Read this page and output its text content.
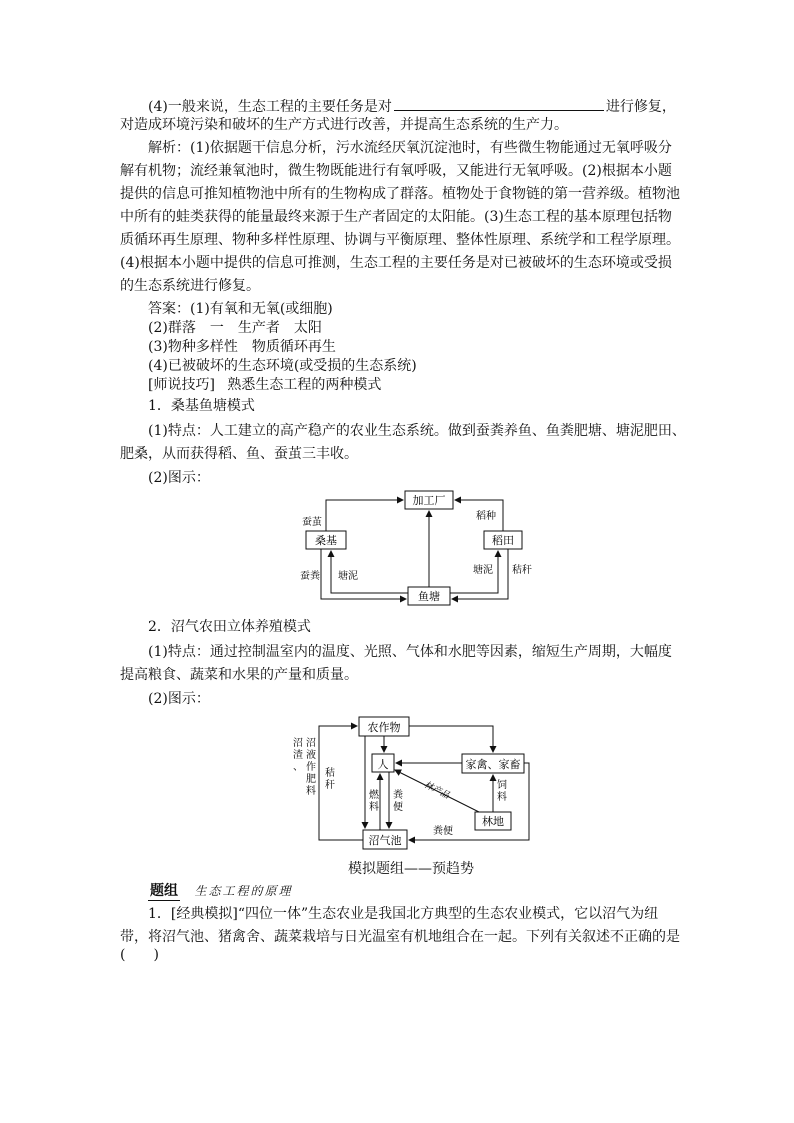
(4)一般来说，生态工程的主要任务是对	进行修复，
对造成环境污染和破坏的生产方式进行改善，并提高生态系统的生产力。
解析：(1)依据题干信息分析，污水流经厌氧沉淀池时，有些微生物能通过无氧呼吸分
解有机物；流经兼氧池时，微生物既能进行有氧呼吸，又能进行无氧呼吸。(2)根据本小题
提供的信息可推知植物池中所有的生物构成了群落。植物处于食物链的第一营养级。植物池
中所有的蛙类获得的能量最终来源于生产者固定的太阳能。(3)生态工程的基本原理包括物
质循环再生原理、物种多样性原理、协调与平衡原理、整体性原理、系统学和工程学原理。
(4)根据本小题中提供的信息可推测，生态工程的主要任务是对已被破坏的生态环境或受损
的生态系统进行修复。
答案：(1)有氧和无氧(或细胞)
(2)群落　一　生产者　太阳
(3)物种多样性　物质循环再生
(4)已被破坏的生态环境(或受损的生态系统)
[师说技巧] 熟悉生态工程的两种模式
1．桑基鱼塘模式
(1)特点：人工建立的高产稳产的农业生态系统。做到蚕粪养鱼、鱼粪肥塘、塘泥肥田、
肥桑，从而获得稻、鱼、蚕茧三丰收。
(2)图示：
加工厂
桑基	稻田
鱼塘
蚕茧
稻种
蚕粪 塘泥
塘泥 秸秆
2．沼气农田立体养殖模式
(1)特点：通过控制温室内的温度、光照、气体和水肥等因素，缩短生产周期，大幅度
提高粮食、蔬菜和水果的产量和质量。
(2)图示：
农作物
人	家禽、家畜
林地
沼气池
沼
渣
、
沼
液
作
肥
料
秸
秆
燃
料
粪
便
饲
料
粪便
林产品
模拟题组——预趋势
题组 生态工程的原理
1．[经典模拟]“四位一体”生态农业是我国北方典型的生态农业模式，它以沼气为纽
带，将沼气池、猪禽舍、蔬菜栽培与日光温室有机地组合在一起。下列有关叙述不正确的是
(　　)
